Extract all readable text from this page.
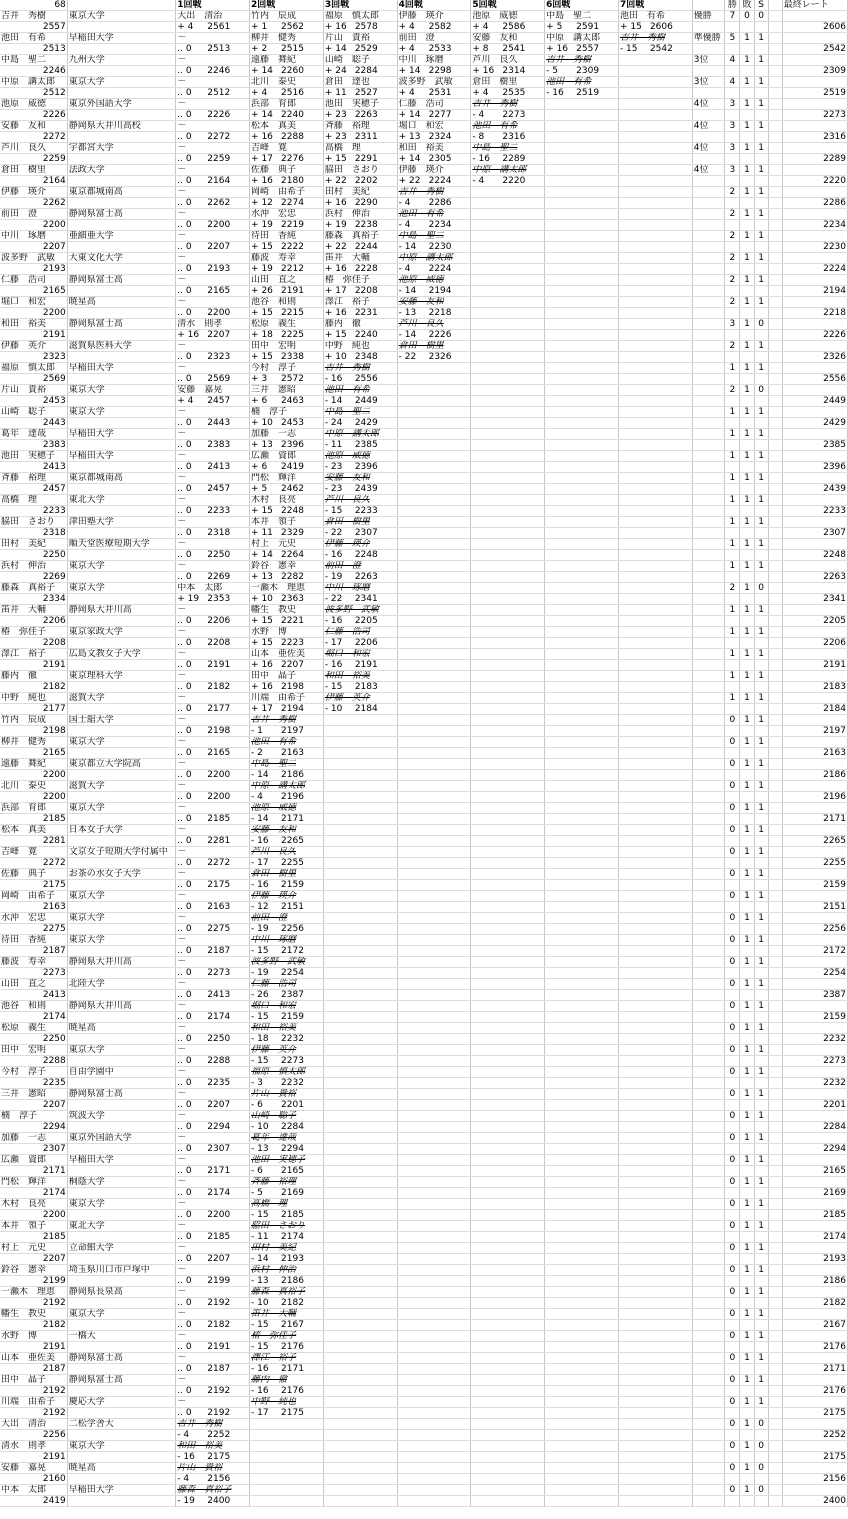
68		1回戦	2回戦	3回戦	4回戦	5回戦	6回戦	7回戦		勝	敗	S		最終レート
吉井　秀樹	東京大学	大出　清治	竹内　辰成	福原　慎太郎	伊藤　瑛介	池原　威徳	中島　聖二	池田　有希	優勝	7	0	0		
2557		+ 4 2561	+ 1 2562	+ 16 2578	+ 4 2582	+ 4 2586	+ 5 2591	+ 15 2606						2606
池田　有希	早稲田大学	－	柳井　健秀	片山　貴裕	前田　澄	安藤　友和	中原　講太郎	吉井　秀樹	準優勝	5	1	1		
2513		.. 0 2513	+ 2 2515	+ 14 2529	+ 4 2533	+ 8 2541	+ 16 2557	- 15 2542						2542
中島　聖二	九州大学	－	遠藤　舞紀	山崎　聡子	中川　琢磨	芦川　良久	吉井　秀樹		3位	4	1	1		
2246		.. 0 2246	+ 14 2260	+ 24 2284	+ 14 2298	+ 16 2314	- 5 2309							2309
中原　講太郎	東京大学	－	北川　泰史	倉田　達也	波多野　武敏	倉田　樹里	池田　有希		3位	4	1	1		
2512		.. 0 2512	+ 4 2516	+ 11 2527	+ 4 2531	+ 4 2535	- 16 2519							2519
池原　威徳	東京外国語大学	－	浜部　育郎	池田　実穂子	仁藤　浩司	吉井　秀樹			4位	3	1	1		
2226		.. 0 2226	+ 14 2240	+ 23 2263	+ 14 2277	- 4 2273								2273
安藤　友和	静岡県大井川高校	－	松本　真美	斉藤　裕理	堀口　和宏	池田　有希			4位	3	1	1		
2272		.. 0 2272	+ 16 2288	+ 23 2311	+ 13 2324	- 8 2316								2316
芦川　良久	宇都宮大学	－	吉峰　寛	高橋　理	和田　裕美	中島　聖二			4位	3	1	1		
2259		.. 0 2259	+ 17 2276	+ 15 2291	+ 14 2305	- 16 2289								2289
倉田　樹里	法政大学	－	佐藤　典子	脇田　さおり	伊藤　瑛介	中原　講太郎			4位	3	1	1		
2164		.. 0 2164	+ 16 2180	+ 22 2202	+ 22 2224	- 4 2220								2220
伊藤　瑛介	東京都城南高	－	岡崎　由希子	田村　美紀	吉井　秀樹					2	1	1		
2262		.. 0 2262	+ 12 2274	+ 16 2290	- 4 2286									2286
前田　澄	静岡県富士高	－	水沖　宏忠	浜村　伸治	池田　有希					2	1	1		
2200		.. 0 2200	+ 19 2219	+ 19 2238	- 4 2234									2234
中川　琢磨	亜細亜大学	－	待田　香純	藤森　真裕子	中島　聖二					2	1	1		
2207		.. 0 2207	+ 15 2222	+ 22 2244	- 14 2230									2230
波多野　武敏	大東文化大学	－	藤波　寿幸	笛井　大輔	中原　講太郎					2	1	1		
2193		.. 0 2193	+ 19 2212	+ 16 2228	- 4 2224									2224
仁藤　浩司	静岡県富士高	－	山田　直之	椿　弥佳子	池原　威徳					2	1	1		
2165		.. 0 2165	+ 26 2191	+ 17 2208	- 14 2194									2194
堀口　和宏	暁星高	－	池谷　和則	澤江　裕子	安藤　友和					2	1	1		
2200		.. 0 2200	+ 15 2215	+ 16 2231	- 13 2218									2218
和田　裕美	静岡県富士高	清水　則孝	松原　義生	藤内　徹	芦川　良久					3	1	0		
2191		+ 16 2207	+ 18 2225	+ 15 2240	- 14 2226									2226
伊藤　英介	滋賀県医科大学	－	田中　宏明	中野　純也	倉田　樹里					2	1	1		
2323		.. 0 2323	+ 15 2338	+ 10 2348	- 22 2326									2326
福原　慎太郎	早稲田大学	－	今村　淳子	吉井　秀樹						1	1	1		
2569		.. 0 2569	+ 3 2572	- 16 2556										2556
片山　貴裕	東京大学	安藤　嘉晃	三井　憲昭	池田　有希						2	1	0		
2453		+ 4 2457	+ 6 2463	- 14 2449										2449
山崎　聡子	東京大学	－	楠　淳子	中島　聖二						1	1	1		
2443		.. 0 2443	+ 10 2453	- 24 2429										2429
葛年　達哉	早稲田大学	－	加藤　一志	中原　講太郎						1	1	1		
2383		.. 0 2383	+ 13 2396	- 11 2385										2385
池田　実穂子	早稲田大学	－	広瀬　資郎	池原　威徳						1	1	1		
2413		.. 0 2413	+ 6 2419	- 23 2396										2396
斉藤　裕理	東京都城南高	－	門松　輝洋	安藤　友和						1	1	1		
2457		.. 0 2457	+ 5 2462	- 23 2439										2439
高橋　理	東北大学	－	木村　良亮	芦川　良久						1	1	1		
2233		.. 0 2233	+ 15 2248	- 15 2233										2233
脇田　さおり	津田塾大学	－	本井　領子	倉田　樹里						1	1	1		
2318		.. 0 2318	+ 11 2329	- 22 2307										2307
田村　美紀	順天堂医療短期大学	－	村上　元史	伊藤　瑛介						1	1	1		
2250		.. 0 2250	+ 14 2264	- 16 2248										2248
浜村　伸治	東京大学	－	鈴谷　憲幸	前田　澄						1	1	1		
2269		.. 0 2269	+ 13 2282	- 19 2263										2263
藤森　真裕子	東京大学	中本　太郎	一瀬木　理恵	中川　琢磨						2	1	0		
2334		+ 19 2353	+ 10 2363	- 22 2341										2341
笛井　大輔	静岡県大井川高	－	幡生　教史	波多野　武敏						1	1	1		
2206		.. 0 2206	+ 15 2221	- 16 2205										2205
椿　弥佳子	東京家政大学	－	水野　博	仁藤　浩司						1	1	1		
2208		.. 0 2208	+ 15 2223	- 17 2206										2206
澤江　裕子	広島文教女子大学	－	山本　亜佐美	堀口　和宏						1	1	1		
2191		.. 0 2191	+ 16 2207	- 16 2191										2191
藤内　徹	東京理科大学	－	田中　晶子	和田　裕美						1	1	1		
2182		.. 0 2182	+ 16 2198	- 15 2183										2183
中野　純也	滋賀大学	－	川端　由希子	伊藤　英介						1	1	1		
2177		.. 0 2177	+ 17 2194	- 10 2184										2184
竹内　辰成	国士舘大学	－	吉井　秀樹							0	1	1		
2198		.. 0 2198	- 1 2197											2197
柳井　健秀	東京大学	－	池田　有希							0	1	1		
2165		.. 0 2165	- 2 2163											2163
遠藤　舞紀	東京都立大学院高	－	中島　聖二							0	1	1		
2200		.. 0 2200	- 14 2186											2186
北川　泰史	滋賀大学	－	中原　講太郎							0	1	1		
2200		.. 0 2200	- 4 2196											2196
浜部　育郎	東京大学	－	池原　威徳							0	1	1		
2185		.. 0 2185	- 14 2171											2171
松本　真美	日本女子大学	－	安藤　友和							0	1	1		
2281		.. 0 2281	- 16 2265											2265
吉峰　寛	文京女子短期大学付属中	－	芦川　良久							0	1	1		
2272		.. 0 2272	- 17 2255											2255
佐藤　典子	お茶の水女子大学	－	倉田　樹里							0	1	1		
2175		.. 0 2175	- 16 2159											2159
岡崎　由希子	東京大学	－	伊藤　瑛介							0	1	1		
2163		.. 0 2163	- 12 2151											2151
水沖　宏忠	東京大学	－	前田　澄							0	1	1		
2275		.. 0 2275	- 19 2256											2256
待田　香純	東京大学	－	中川　琢磨							0	1	1		
2187		.. 0 2187	- 15 2172											2172
藤波　寿幸	静岡県大井川高	－	波多野　武敏							0	1	1		
2273		.. 0 2273	- 19 2254											2254
山田　直之	北陸大学	－	仁藤　浩司							0	1	1		
2413		.. 0 2413	- 26 2387											2387
池谷　和則	静岡県大井川高	－	堀口　和宏							0	1	1		
2174		.. 0 2174	- 15 2159											2159
松原　義生	暁星高	－	和田　裕美							0	1	1		
2250		.. 0 2250	- 18 2232											2232
田中　宏明	東京大学	－	伊藤　英介							0	1	1		
2288		.. 0 2288	- 15 2273											2273
今村　淳子	自由学園中	－	福原　慎太郎							0	1	1		
2235		.. 0 2235	- 3 2232											2232
三井　憲昭	静岡県富士高	－	片山　貴裕							0	1	1		
2207		.. 0 2207	- 6 2201											2201
楠　淳子	筑波大学	－	山崎　聡子							0	1	1		
2294		.. 0 2294	- 10 2284											2284
加藤　一志	東京外国語大学	－	葛年　達哉							0	1	1		
2307		.. 0 2307	- 13 2294											2294
広瀬　資郎	早稲田大学	－	池田　実穂子							0	1	1		
2171		.. 0 2171	- 6 2165											2165
門松　輝洋	桐蔭大学	－	斉藤　裕理							0	1	1		
2174		.. 0 2174	- 5 2169											2169
木村　良亮	東京大学	－	高橋　理							0	1	1		
2200		.. 0 2200	- 15 2185											2185
本井　領子	東北大学	－	脇田　さおり							0	1	1		
2185		.. 0 2185	- 11 2174											2174
村上　元史	立命館大学	－	田村　美紀							0	1	1		
2207		.. 0 2207	- 14 2193											2193
鈴谷　憲幸	埼玉県川口市戸塚中	－	浜村　伸治							0	1	1		
2199		.. 0 2199	- 13 2186											2186
一瀬木　理恵	静岡県長泉高	－	藤森　真裕子							0	1	1		
2192		.. 0 2192	- 10 2182											2182
幡生　教史	東京大学	－	笛井　大輔							0	1	1		
2182		.. 0 2182	- 15 2167											2167
水野　博	一橋大	－	椿　弥佳子							0	1	1		
2191		.. 0 2191	- 15 2176											2176
山本　亜佐美	静岡県富士高	－	澤江　裕子							0	1	1		
2187		.. 0 2187	- 16 2171											2171
田中　晶子	静岡県富士高	－	藤内　徹							0	1	1		
2192		.. 0 2192	- 16 2176											2176
川端　由希子	慶応大学	－	中野　純也							0	1	1		
2192		.. 0 2192	- 17 2175											2175
大出　清治	二松学舎大	吉井　秀樹								0	1	0		
2256		- 4 2252												2252
清水　則孝	東京大学	和田　裕美								0	1	0		
2191		- 16 2175												2175
安藤　嘉晃	暁星高	片山　貴裕								0	1	0		
2160		- 4 2156												2156
中本　太郎	早稲田大学	藤森　真裕子								0	1	0		
2419		- 19 2400												2400
